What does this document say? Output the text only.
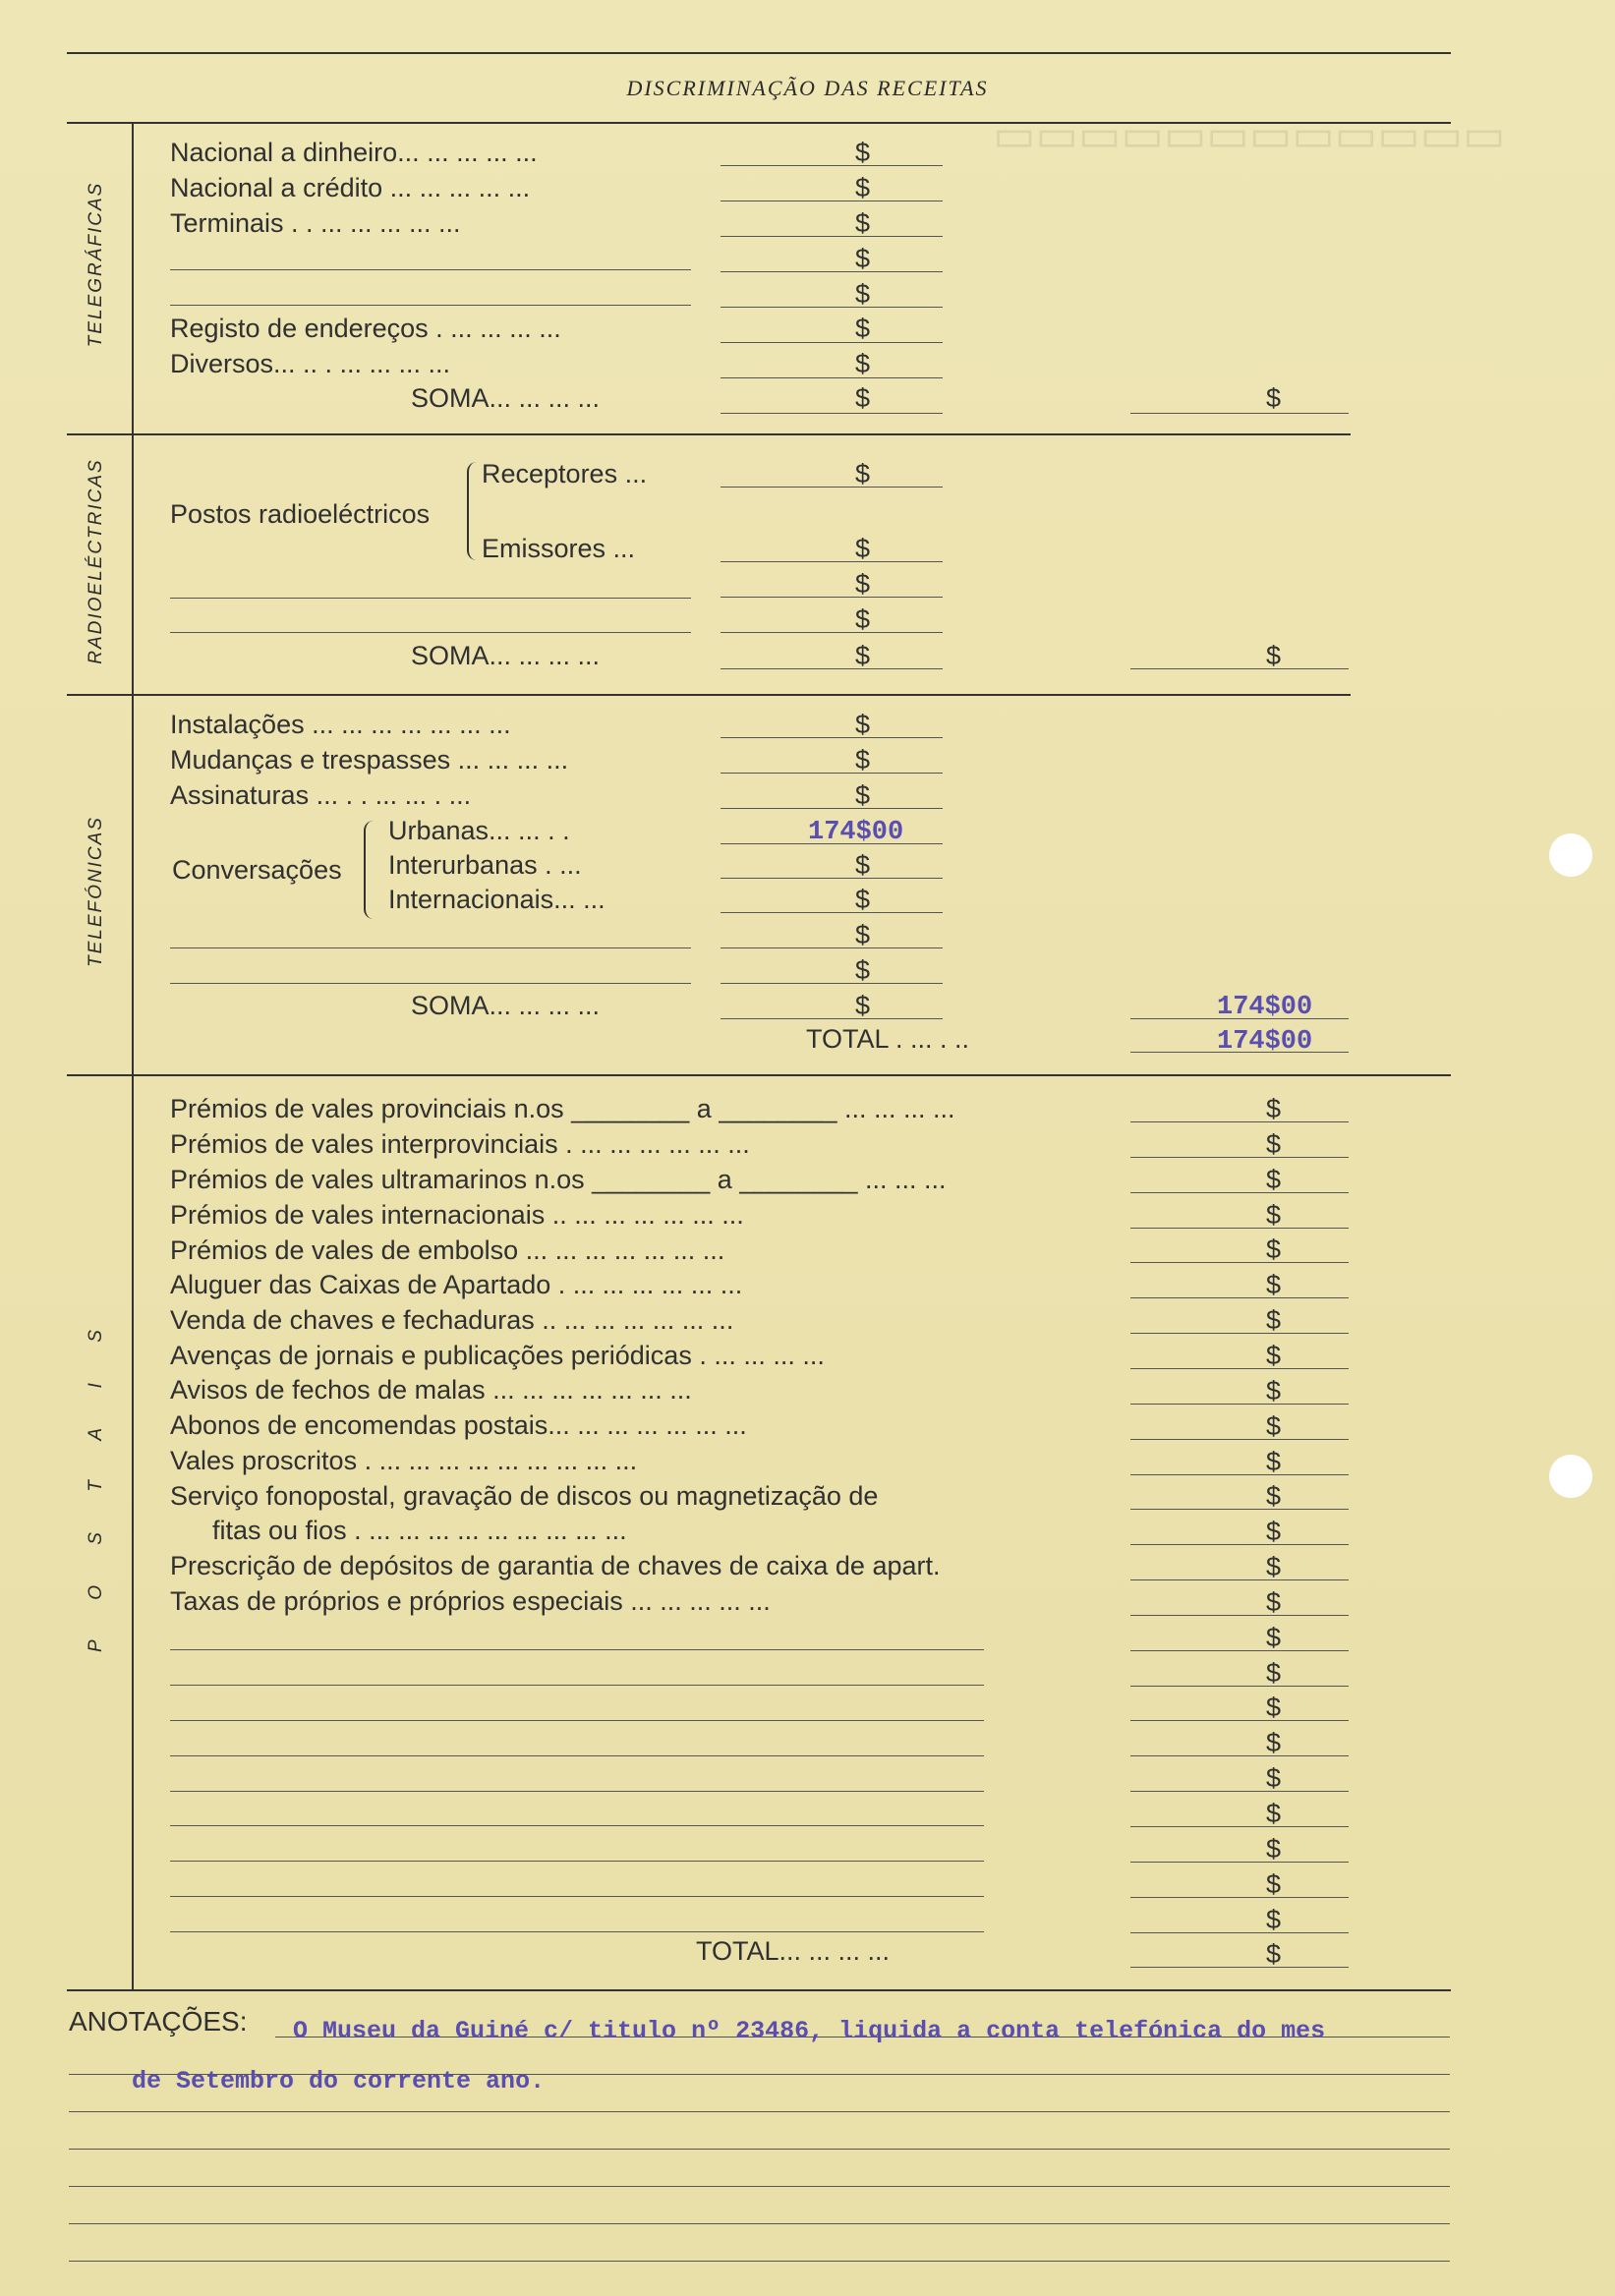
▭▭▭▭▭▭▭▭▭▭▭▭
DISCRIMINAÇÃO DAS RECEITAS
TELEGRÁFICAS
RADIOELÉCTRICAS
TELEFÓNICAS
P O S T A I S
Nacional a dinheiro... ... ... ... ...
Nacional a crédito ... ... ... ... ...
Terminais . . ... ... ... ... ...
Registo de endereços . ... ... ... ...
Diversos... .. . ... ... ... ...
SOMA... ... ... ...
$
$
$
$
$
$
$
$	$
Postos radioeléctricos
Receptores ...
Emissores ...
SOMA... ... ... ...
$
$
$
$
$	$
Instalações ... ... ... ... ... ... ...
Mudanças e trespasses ... ... ... ...
Assinaturas ... . . ... ... . ...
Conversações
Urbanas... ... . .
Interurbanas . ...
Internacionais... ...
SOMA... ... ... ...
TOTAL . ... . ..
$
$
$
$
$
$
$
$
174$00
174$00
174$00
Prémios de vales provinciais n.os ________ a ________ ... ... ... ...
Prémios de vales interprovinciais . ... ... ... ... ... ...
Prémios de vales ultramarinos n.os ________ a ________ ... ... ...
Prémios de vales internacionais .. ... ... ... ... ... ...
Prémios de vales de embolso ... ... ... ... ... ... ...
Aluguer das Caixas de Apartado . ... ... ... ... ... ...
Venda de chaves e fechaduras .. ... ... ... ... ... ...
Avenças de jornais e publicações periódicas . ... ... ... ...
Avisos de fechos de malas ... ... ... ... ... ... ...
Abonos de encomendas postais... ... ... ... ... ... ...
Vales proscritos . ... ... ... ... ... ... ... ... ...
Serviço fonopostal, gravação de discos ou magnetização de
fitas ou fios . ... ... ... ... ... ... ... ... ...
Prescrição de depósitos de garantia de chaves de caixa de apart.
Taxas de próprios e próprios especiais ... ... ... ... ...
TOTAL... ... ... ...
$
$
$
$
$
$
$
$
$
$
$
$
$
$
$
$
$
$
$
$
$
$
$
$
$
ANOTAÇÕES: O Museu da Guiné c/ titulo nº 23486, liquida a conta telefónica do mes
de Setembro do corrente ano.
